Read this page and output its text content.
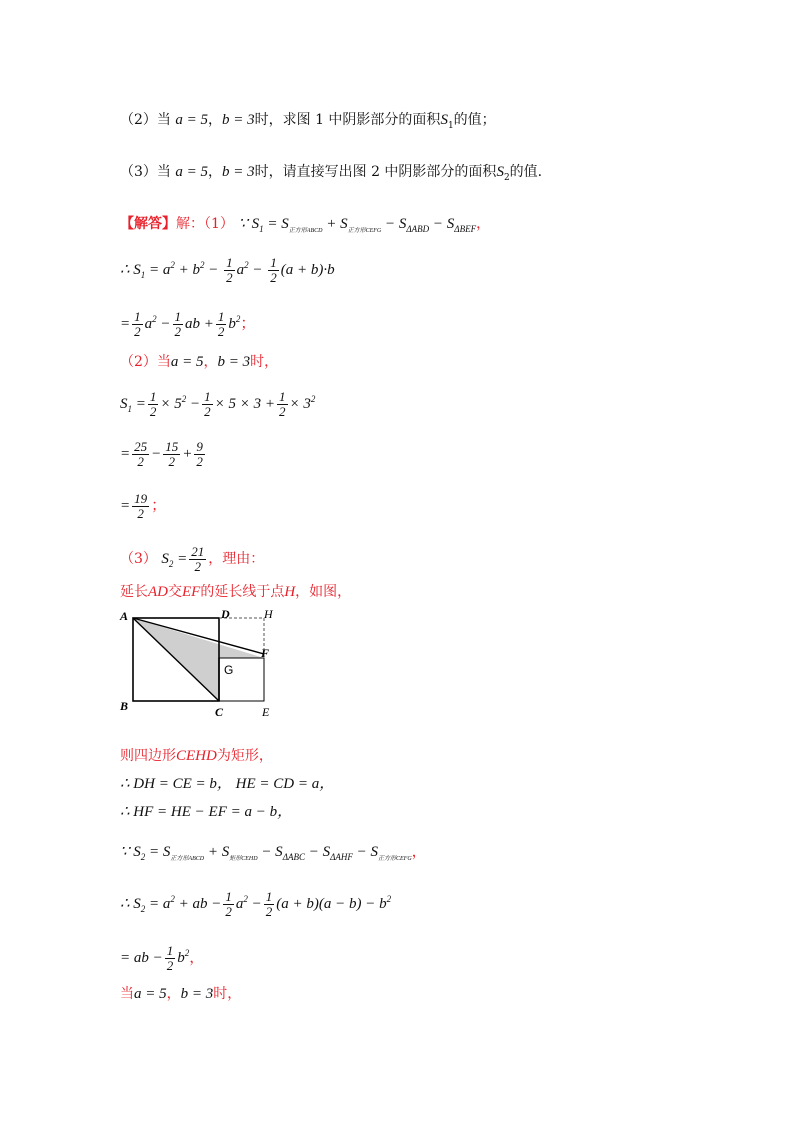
（2）当 a = 5，b = 3时，求图 1 中阴影部分的面积$S_1$的值；
（3）当 a = 5，b = 3时，请直接写出图 2 中阴影部分的面积$S_2$的值.
【解答】解：（1） ∵ $S_1 = S_{正方形ABCD} + S_{正方形CEFG} - S_{\Delta ABD} - S_{\Delta BEF}$，
∴ $S_1 = a^2 + b^2 - \frac{1}{2} a^2 - \frac{1}{2} (a + b)\cdot b$
= $\frac{1}{2} a^2 - \frac{1}{2}$ ab + $\frac{1}{2} b^2$；
（2）当a = 5，b = 3时，
$S_1 = \frac{1}{2} \times 5^2 - \frac{1}{2} \times 5 \times 3 + \frac{1}{2} \times 3^2$
= $\frac{25}{2} - \frac{15}{2} + \frac{9}{2}$
= $\frac{19}{2}$ ；
（3） $S_2 = \frac{21}{2}$ ，理由：
延长AD交EF的延长线于点H，如图，
A
B	C
D
E
F
G
H
则四边形CEHD为矩形，
∴ DH = CE = b， HE = CD = a，
∴ HF = HE − EF = a − b，
∵ $S_2 = S_{正方形ABCD} + S_{矩形CEHD} - S_{\Delta ABC} - S_{\Delta AHF} - S_{正方形CEFG}$，
∴ $S_2 = a^2$ + ab − $\frac{1}{2} a^2 - \frac{1}{2} (a + b)(a - b) - b^2$
= ab − $\frac{1}{2} b^2$，
当a = 5，b = 3时，
